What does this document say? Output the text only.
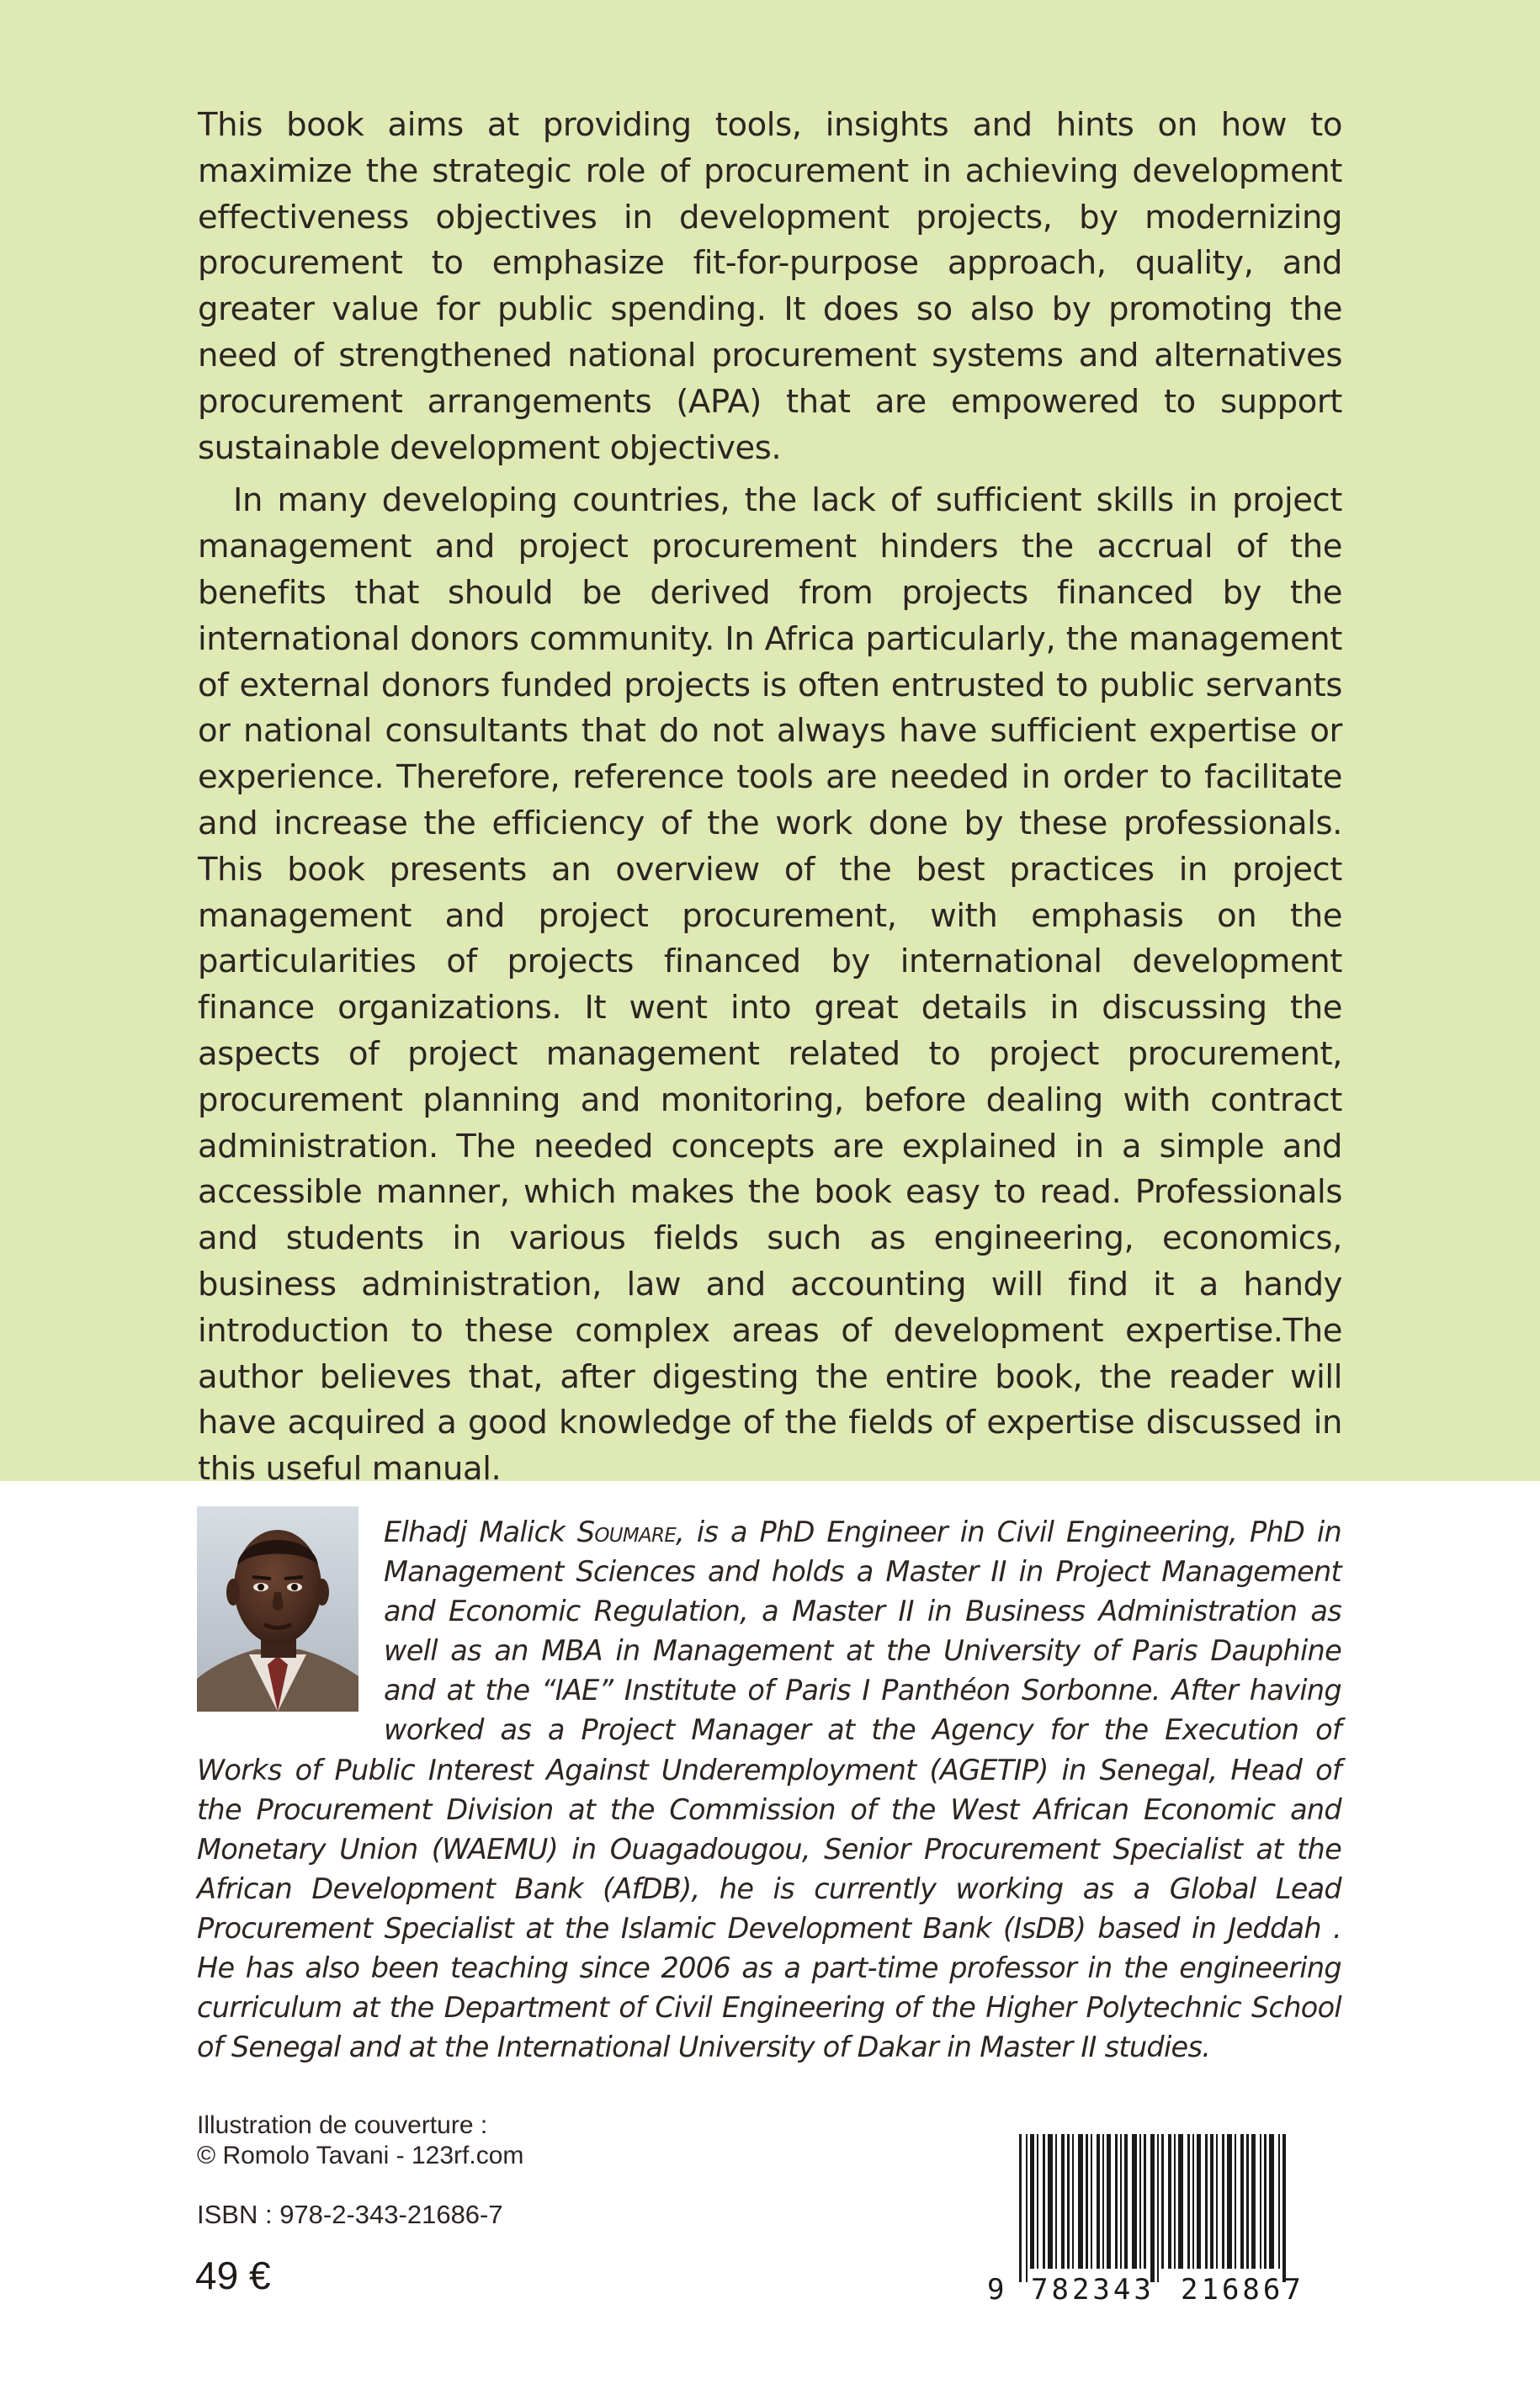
This book aims at providing tools, insights and hints on how to maximize the strategic role of procurement in achieving development effectiveness objectives in development projects, by modernizing procurement to emphasize fit-for-purpose approach, quality, and greater value for public spending. It does so also by promoting the need of strengthened national procurement systems and alternatives procurement arrangements (APA) that are empowered to support sustainable development objectives.

In many developing countries, the lack of sufficient skills in project management and project procurement hinders the accrual of the benefits that should be derived from projects financed by the international donors community. In Africa particularly, the management of external donors funded projects is often entrusted to public servants or national consultants that do not always have sufficient expertise or experience. Therefore, reference tools are needed in order to facilitate and increase the efficiency of the work done by these professionals. This book presents an overview of the best practices in project management and project procurement, with emphasis on the particularities of projects financed by international development finance organizations. It went into great details in discussing the aspects of project management related to project procurement, procurement planning and monitoring, before dealing with contract administration. The needed concepts are explained in a simple and accessible manner, which makes the book easy to read. Professionals and students in various fields such as engineering, economics, business administration, law and accounting will find it a handy introduction to these complex areas of development expertise.The author believes that, after digesting the entire book, the reader will have acquired a good knowledge of the fields of expertise discussed in this useful manual.

Elhadj Malick Soumare, is a PhD Engineer in Civil Engineering, PhD in Management Sciences and holds a Master II in Project Management and Economic Regulation, a Master II in Business Administration as well as an MBA in Management at the University of Paris Dauphine and at the “IAE” Institute of Paris I Panthéon Sorbonne. After having worked as a Project Manager at the Agency for the Execution of Works of Public Interest Against Underemployment (AGETIP) in Senegal, Head of the Procurement Division at the Commission of the West African Economic and Monetary Union (WAEMU) in Ouagadougou, Senior Procurement Specialist at the African Development Bank (AfDB), he is currently working as a Global Lead Procurement Specialist at the Islamic Development Bank (IsDB) based in Jeddah . He has also been teaching since 2006 as a part-time professor in the engineering curriculum at the Department of Civil Engineering of the Higher Polytechnic School of Senegal and at the International University of Dakar in Master II studies.
Illustration de couverture :
© Romolo Tavani - 123rf.com
ISBN : 978-2-343-21686-7
49 €	9 782343 216867
